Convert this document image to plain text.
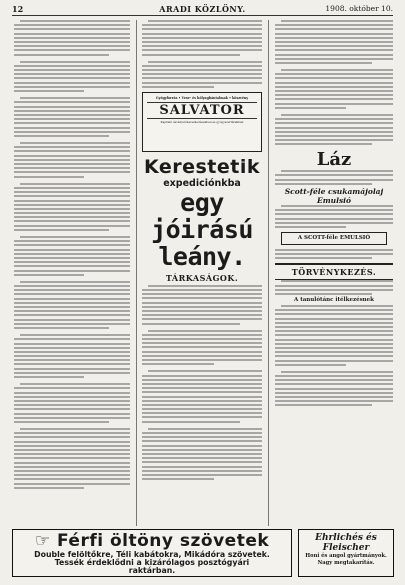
12	ARADI KÖZLÖNY.	1908. október 10.
Gyógyforrás • Vese- és hólyagbántalmak • köszvény
SALVATOR
Kapható ásványvízkereskedésekben és gyógyszertárakban
Kerestetik
expediciónkba
egy jóirású leány.
TÁRKASÁGOK.
Láz
Scott-féle csukamájolaj Emulsió
A SCOTT-féle EMULSIÓ
TÖRVÉNYKEZÉS.
A tanulótánc itélkezésnek
☞ Férfi öltöny szövetek
Double felöltőkre, Téli kabátokra, Mikádóra szövetek.
Tessék érdeklődni a kizárólagos posztógyári
raktárban.
Ehrlichés és Fleischer
Honi és angol gyártmányok.
Nagy megtakarítás.
